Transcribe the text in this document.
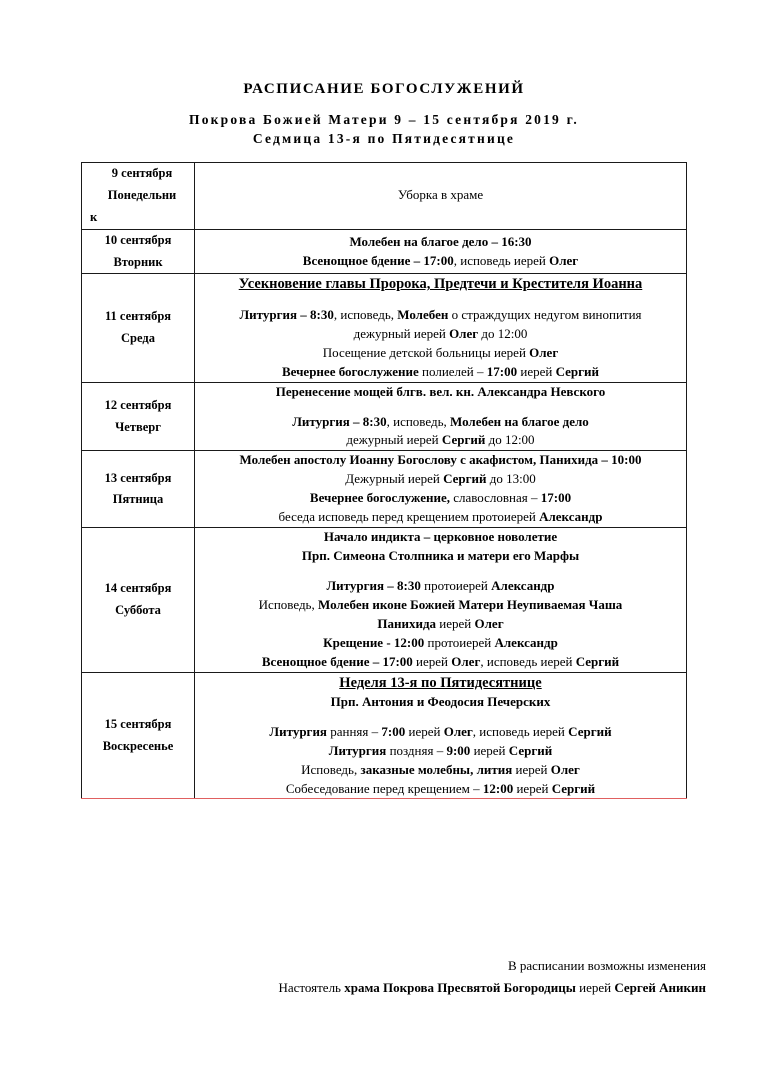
РАСПИСАНИЕ БОГОСЛУЖЕНИЙ
Покрова Божией Матери 9 – 15 сентября 2019 г.
Седмица 13-я по Пятидесятнице
9 сентября
Понедельни
к	Уборка в храме

10 сентября
Вторник

Молебен на благое дело – 16:30
Всенощное бдение – 17:00, исповедь иерей Олег

11 сентября
Среда

Усекновение главы Пророка, Предтечи и Крестителя Иоанна
Литургия – 8:30, исповедь, Молебен о страждущих недугом винопития
дежурный иерей Олег до 12:00
Посещение детской больницы иерей Олег
Вечернее богослужение полиелей – 17:00 иерей Сергий

12 сентября
Четверг

Перенесение мощей блгв. вел. кн. Александра Невского
Литургия – 8:30, исповедь, Молебен на благое дело
дежурный иерей Сергий до 12:00

13 сентября
Пятница

Молебен апостолу Иоанну Богослову с акафистом, Панихида – 10:00
Дежурный иерей Сергий до 13:00
Вечернее богослужение, славословная – 17:00
беседа исповедь перед крещением протоиерей Александр

14 сентября
Суббота

Начало индикта – церковное новолетие
Прп. Симеона Столпника и матери его Марфы
Литургия – 8:30 протоиерей Александр
Исповедь, Молебен иконе Божией Матери Неупиваемая Чаша
Панихида иерей Олег
Крещение - 12:00 протоиерей Александр
Всенощное бдение – 17:00 иерей Олег, исповедь иерей Сергий

15 сентября
Воскресенье

Неделя 13-я по Пятидесятнице
Прп. Антония и Феодосия Печерских
Литургия ранняя – 7:00 иерей Олег, исповедь иерей Сергий
Литургия поздняя – 9:00 иерей Сергий
Исповедь, заказные молебны, лития иерей Олег
Собеседование перед крещением – 12:00 иерей Сергий
В расписании возможны изменения
Настоятель храма Покрова Пресвятой Богородицы иерей Сергей Аникин
